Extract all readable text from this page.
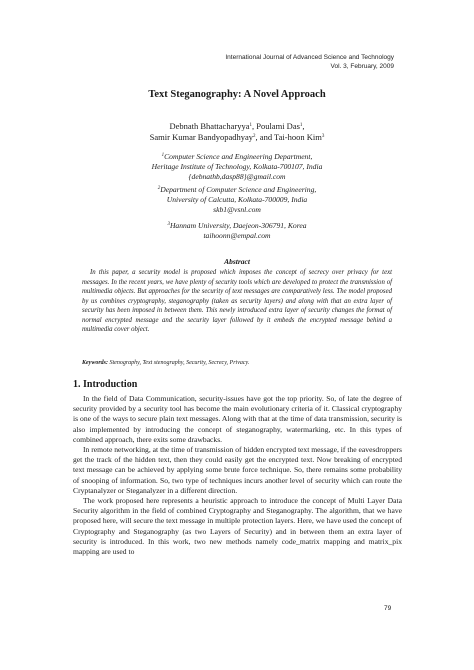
International Journal of Advanced Science and Technology
Vol. 3, February, 2009
Text Steganography: A Novel Approach
Debnath Bhattacharyya$^1$, Poulami Das$^1$,
Samir Kumar Bandyopadhyay$^2$, and Tai-hoon Kim$^3$
$^1$Computer Science and Engineering Department,
Heritage Institute of Technology, Kolkata-700107, India
{debnathb,dasp88}@gmail.com
$^2$Department of Computer Science and Engineering,
University of Calcutta, Kolkata-700009, India
skb1@vsnl.com
$^3$Hannam University, Daejeon-306791, Korea
taihoonn@empal.com
Abstract
In this paper, a security model is proposed which imposes the concept of secrecy over privacy for text messages. In the recent years, we have plenty of security tools which are developed to protect the transmission of multimedia objects. But approaches for the security of text messages are comparatively less. The model proposed by us combines cryptography, steganography (taken as security layers) and along with that an extra layer of security has been imposed in between them. This newly introduced extra layer of security changes the format of normal encrypted message and the security layer followed by it embeds the encrypted message behind a multimedia cover object.
Keywords: Stenography, Text stenography, Security, Secrecy, Privacy.
1. Introduction

In the field of Data Communication, security-issues have got the top priority. So, of late the degree of security provided by a security tool has become the main evolutionary criteria of it. Classical cryptography is one of the ways to secure plain text messages. Along with that at the time of data transmission, security is also implemented by introducing the concept of steganography, watermarking, etc. In this types of combined approach, there exits some drawbacks.

In remote networking, at the time of transmission of hidden encrypted text message, if the eavesdroppers get the track of the hidden text, then they could easily get the encrypted text. Now breaking of encrypted text message can be achieved by applying some brute force technique. So, there remains some probability of snooping of information. So, two type of techniques incurs another level of security which can route the Cryptanalyzer or Steganalyzer in a different direction.

The work proposed here represents a heuristic approach to introduce the concept of Multi Layer Data Security algorithm in the field of combined Cryptography and Steganography. The algorithm, that we have proposed here, will secure the text message in multiple protection layers. Here, we have used the concept of Cryptography and Steganography (as two Layers of Security) and in between them an extra layer of security is introduced. In this work, two new methods namely code_matrix mapping and matrix_pix mapping are used to

79
